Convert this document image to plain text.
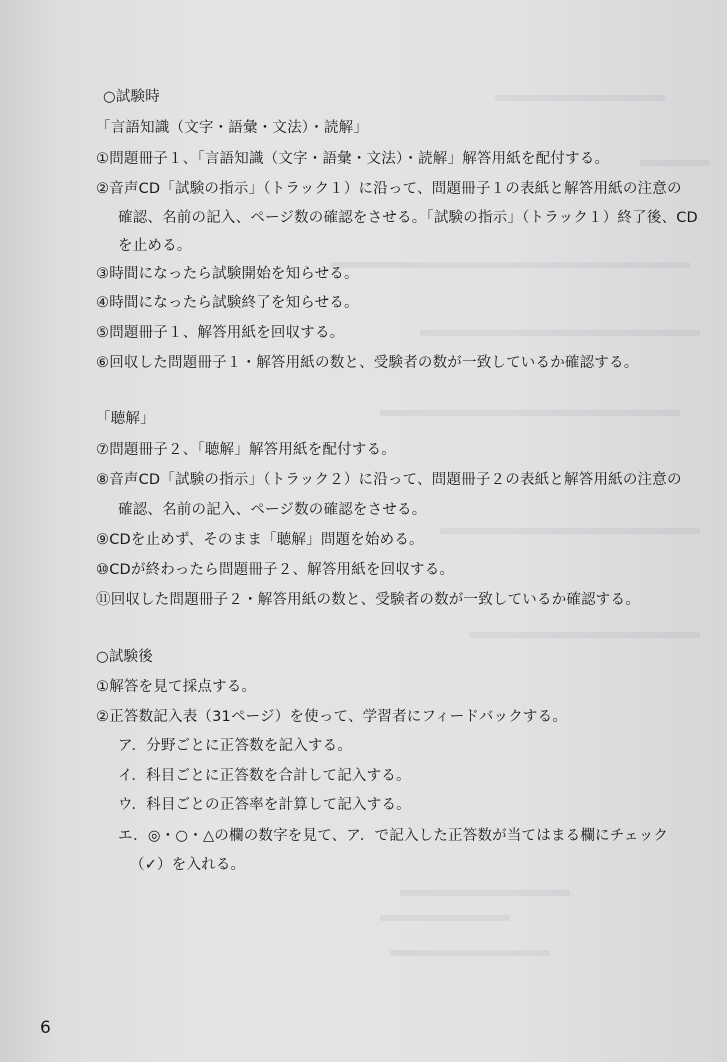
○試験時
「言語知識（文字・語彙・文法）・読解」
①問題冊子１、「言語知識（文字・語彙・文法）・読解」解答用紙を配付する。
②音声CD「試験の指示」（トラック１）に沿って、問題冊子１の表紙と解答用紙の注意の
確認、名前の記入、ページ数の確認をさせる。「試験の指示」（トラック１）終了後、CD
を止める。
③時間になったら試験開始を知らせる。
④時間になったら試験終了を知らせる。
⑤問題冊子１、解答用紙を回収する。
⑥回収した問題冊子１・解答用紙の数と、受験者の数が一致しているか確認する。
「聴解」
⑦問題冊子２、「聴解」解答用紙を配付する。
⑧音声CD「試験の指示」（トラック２）に沿って、問題冊子２の表紙と解答用紙の注意の
確認、名前の記入、ページ数の確認をさせる。
⑨CDを止めず、そのまま「聴解」問題を始める。
⑩CDが終わったら問題冊子２、解答用紙を回収する。
⑪回収した問題冊子２・解答用紙の数と、受験者の数が一致しているか確認する。
○試験後
①解答を見て採点する。
②正答数記入表（31ページ）を使って、学習者にフィードバックする。
ア．分野ごとに正答数を記入する。
イ．科目ごとに正答数を合計して記入する。
ウ．科目ごとの正答率を計算して記入する。
エ．◎・○・△の欄の数字を見て、ア．で記入した正答数が当てはまる欄にチェック
（✓）を入れる。
6
